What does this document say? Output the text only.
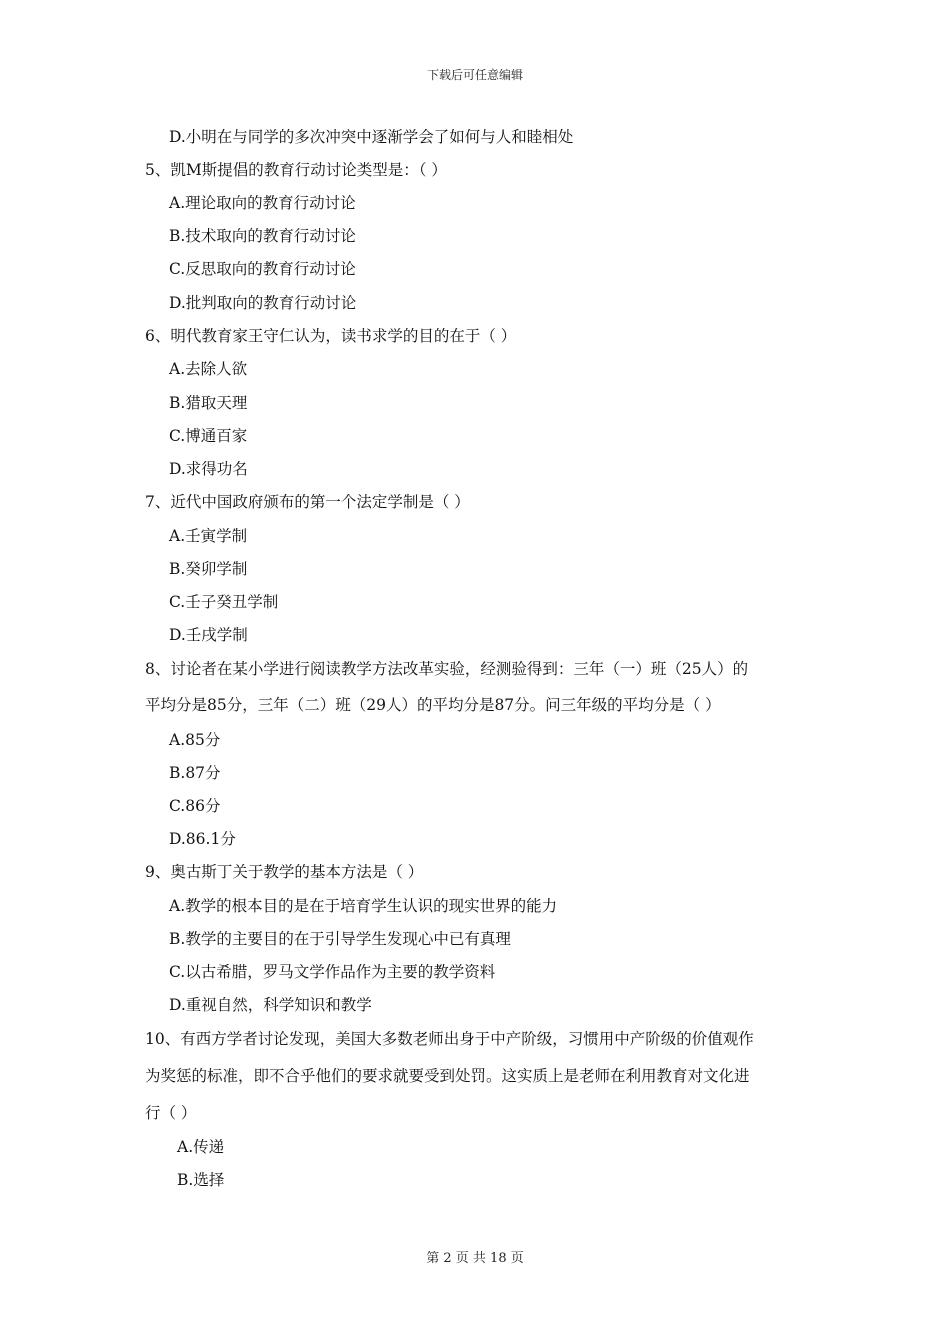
下载后可任意编辑
D.小明在与同学的多次冲突中逐渐学会了如何与人和睦相处
5、凯M斯提倡的教育行动讨论类型是：（ ）
A.理论取向的教育行动讨论
B.技术取向的教育行动讨论
C.反思取向的教育行动讨论
D.批判取向的教育行动讨论
6、明代教育家王守仁认为，读书求学的目的在于（ ）
A.去除人欲
B.猎取天理
C.博通百家
D.求得功名
7、近代中国政府颁布的第一个法定学制是（ ）
A.壬寅学制
B.癸卯学制
C.壬子癸丑学制
D.壬戌学制
8、讨论者在某小学进行阅读教学方法改革实验，经测验得到：三年（一）班（25人）的
平均分是85分，三年（二）班（29人）的平均分是87分。问三年级的平均分是（ ）
A.85分
B.87分
C.86分
D.86.1分
9、奥古斯丁关于教学的基本方法是（ ）
A.教学的根本目的是在于培育学生认识的现实世界的能力
B.教学的主要目的在于引导学生发现心中已有真理
C.以古希腊，罗马文学作品作为主要的教学资料
D.重视自然，科学知识和教学
10、有西方学者讨论发现，美国大多数老师出身于中产阶级，习惯用中产阶级的价值观作
为奖惩的标准，即不合乎他们的要求就要受到处罚。这实质上是老师在利用教育对文化进
行（ ）
A.传递
B.选择
第 2 页 共 18 页
